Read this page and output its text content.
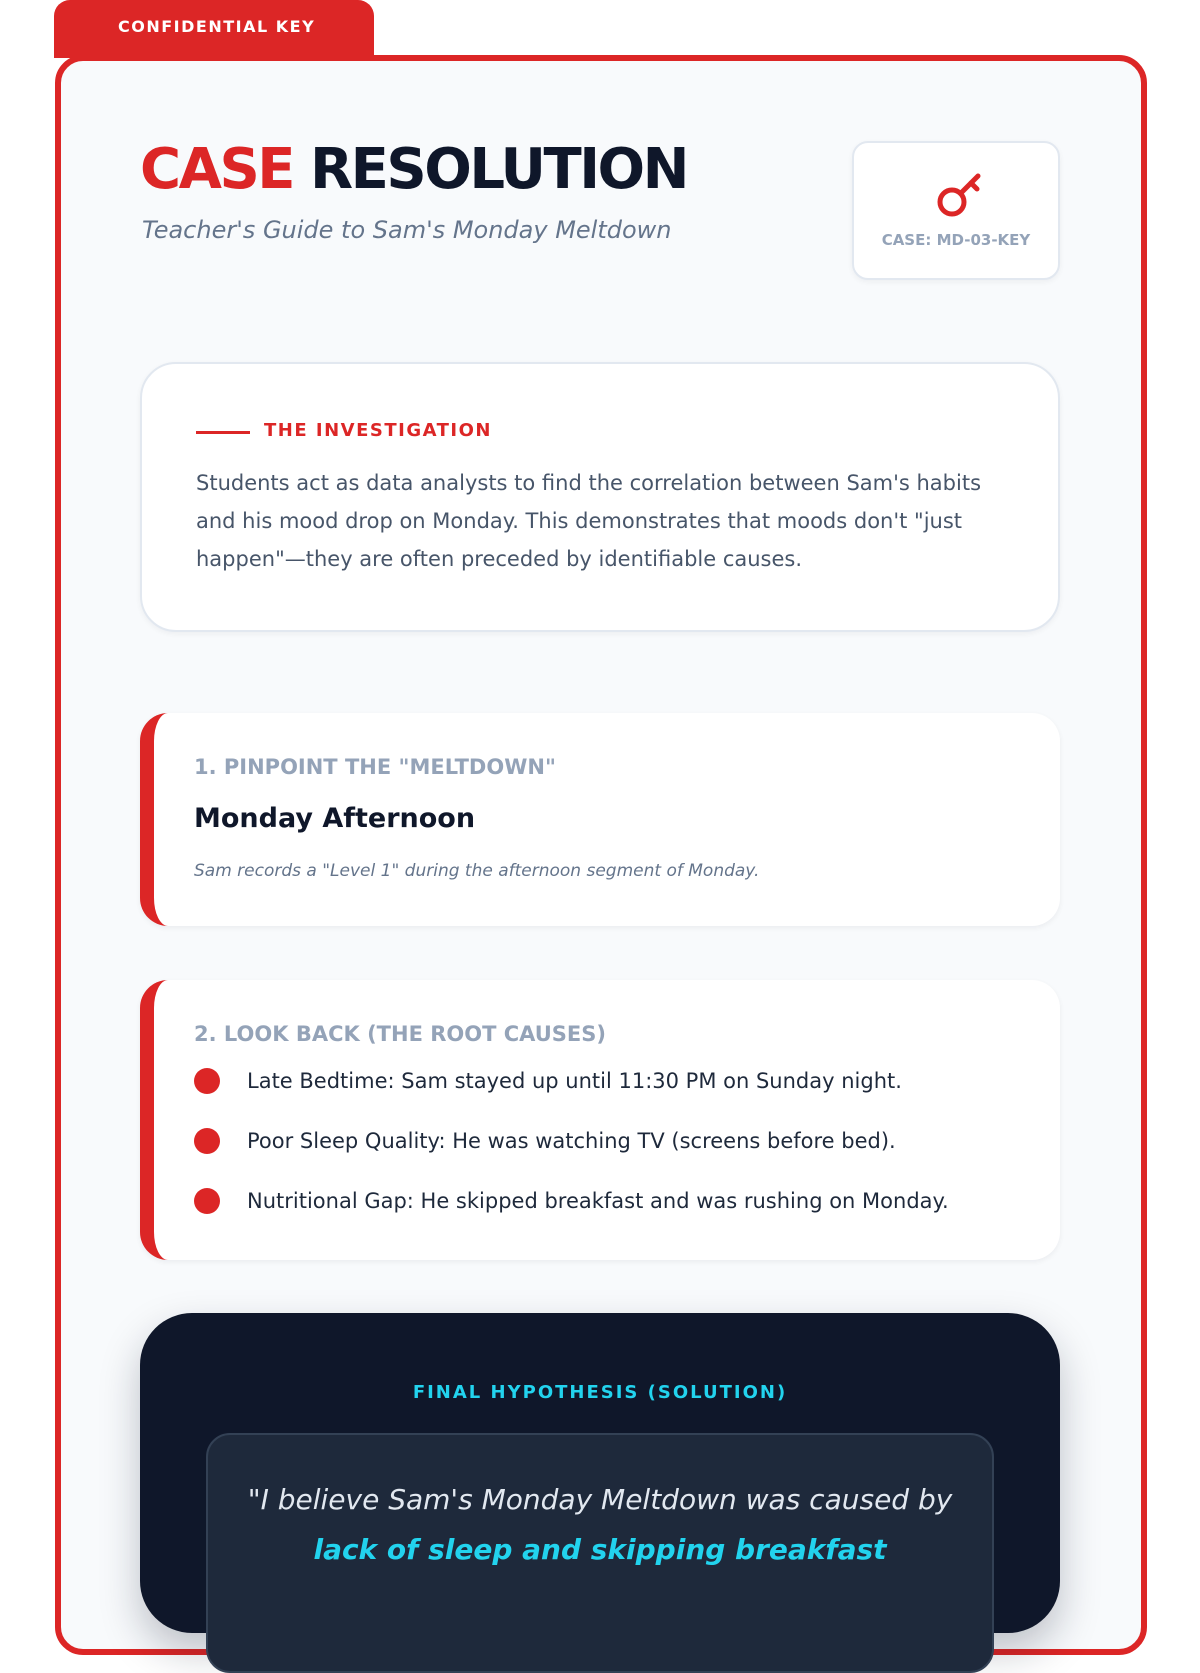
CONFIDENTIAL KEY
CASE RESOLUTION
Teacher's Guide to Sam's Monday Meltdown	CASE: MD-03-KEY
THE INVESTIGATION
Students act as data analysts to find the correlation between Sam's habits and his mood drop on Monday. This demonstrates that moods don't "just happen"—they are often preceded by identifiable causes.
1. PINPOINT THE "MELTDOWN"
Monday Afternoon
Sam records a "Level 1" during the afternoon segment of Monday.
2. LOOK BACK (THE ROOT CAUSES)
Late Bedtime: Sam stayed up until 11:30 PM on Sunday night.
Poor Sleep Quality: He was watching TV (screens before bed).
Nutritional Gap: He skipped breakfast and was rushing on Monday.
FINAL HYPOTHESIS (SOLUTION)
"I believe Sam's Monday Meltdown was caused by lack of sleep and skipping breakfast
